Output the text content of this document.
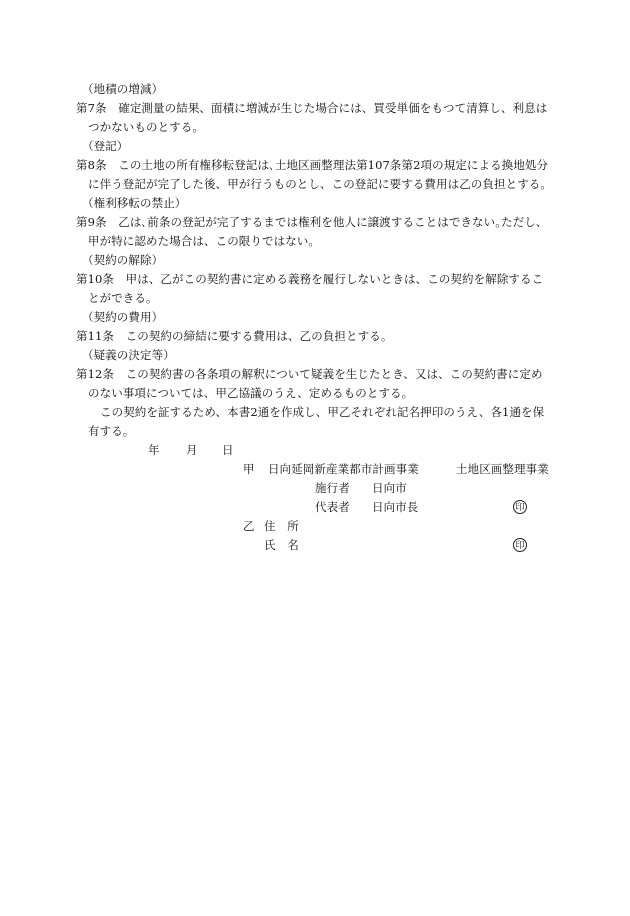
（地積の増減）
第7条　確定測量の結果、面積に増減が生じた場合には、買受単価をもつて清算し、利息は
つかないものとする。
（登記）
第8条　この土地の所有権移転登記は､土地区画整理法第107条第2項の規定による換地処分
に伴う登記が完了した後、甲が行うものとし、この登記に要する費用は乙の負担とする。
（権利移転の禁止）
第9条　乙は､前条の登記が完了するまでは権利を他人に譲渡することはできない｡ただし、
甲が特に認めた場合は、この限りではない。
（契約の解除）
第10条　甲は、乙がこの契約書に定める義務を履行しないときは、この契約を解除するこ
とができる。
（契約の費用）
第11条　この契約の締結に要する費用は、乙の負担とする。
（疑義の決定等）
第12条　この契約書の各条項の解釈について疑義を生じたとき、又は、この契約書に定め
のない事項については、甲乙協議のうえ、定めるものとする。
この契約を証するため、本書2通を作成し、甲乙それぞれ記名押印のうえ、各1通を保
有する。
年 月 日
甲 日向延岡新産業都市計画事業	土地区画整理事業
施行者 日向市
代表者 日向市長	印
乙 住　所
氏　名	印
